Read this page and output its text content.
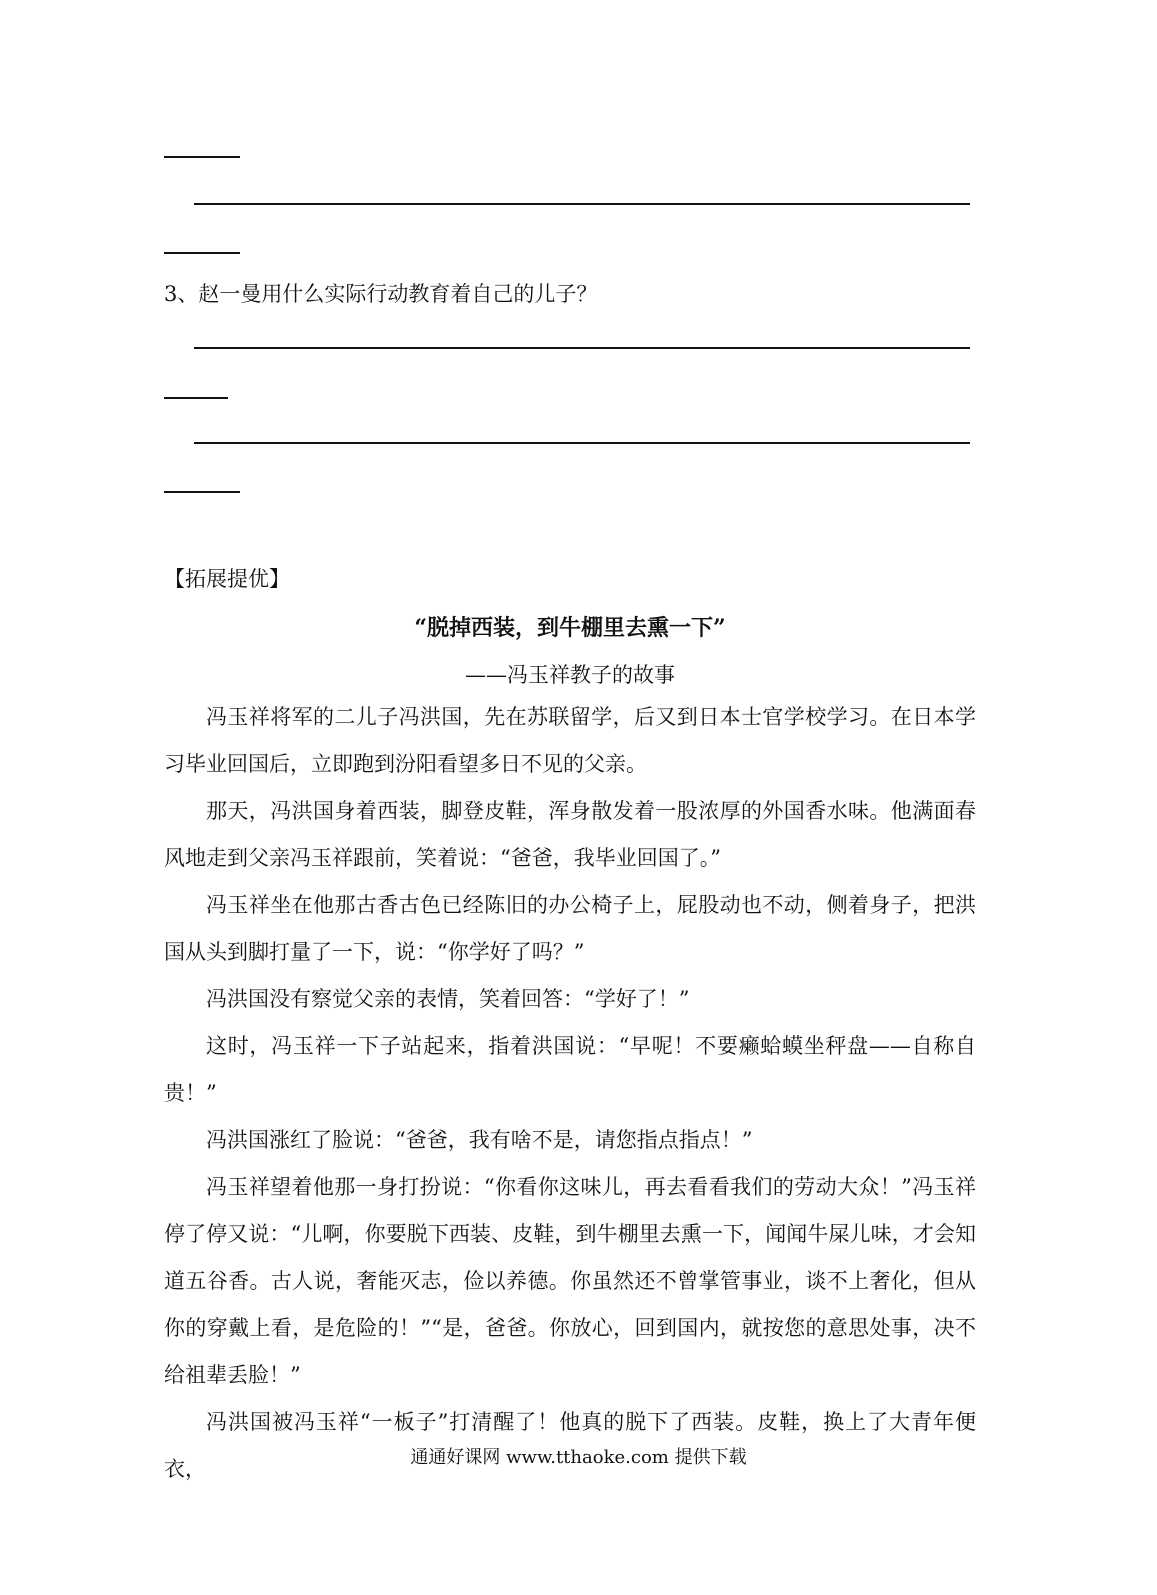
3、赵一曼用什么实际行动教育着自己的儿子？
【拓展提优】
“脱掉西装，到牛棚里去熏一下”
——冯玉祥教子的故事

冯玉祥将军的二儿子冯洪国，先在苏联留学，后又到日本士官学校学习。在日本学习毕业回国后，立即跑到汾阳看望多日不见的父亲。

那天，冯洪国身着西装，脚登皮鞋，浑身散发着一股浓厚的外国香水味。他满面春风地走到父亲冯玉祥跟前，笑着说：“爸爸，我毕业回国了。”

冯玉祥坐在他那古香古色已经陈旧的办公椅子上，屁股动也不动，侧着身子，把洪国从头到脚打量了一下，说：“你学好了吗？”

冯洪国没有察觉父亲的表情，笑着回答：“学好了！”

这时，冯玉祥一下子站起来，指着洪国说：“早呢！不要癞蛤蟆坐秤盘——自称自贵！”

冯洪国涨红了脸说：“爸爸，我有啥不是，请您指点指点！”

冯玉祥望着他那一身打扮说：“你看你这味儿，再去看看我们的劳动大众！”冯玉祥停了停又说：“儿啊，你要脱下西装、皮鞋，到牛棚里去熏一下，闻闻牛屎儿味，才会知道五谷香。古人说，奢能灭志，俭以养德。你虽然还不曾掌管事业，谈不上奢化，但从你的穿戴上看，是危险的！”“是，爸爸。你放心，回到国内，就按您的意思处事，决不给祖辈丢脸！”

冯洪国被冯玉祥“一板子”打清醒了！他真的脱下了西装。皮鞋，换上了大青年便衣，	通通好课网 www.tthaoke.com 提供下载
